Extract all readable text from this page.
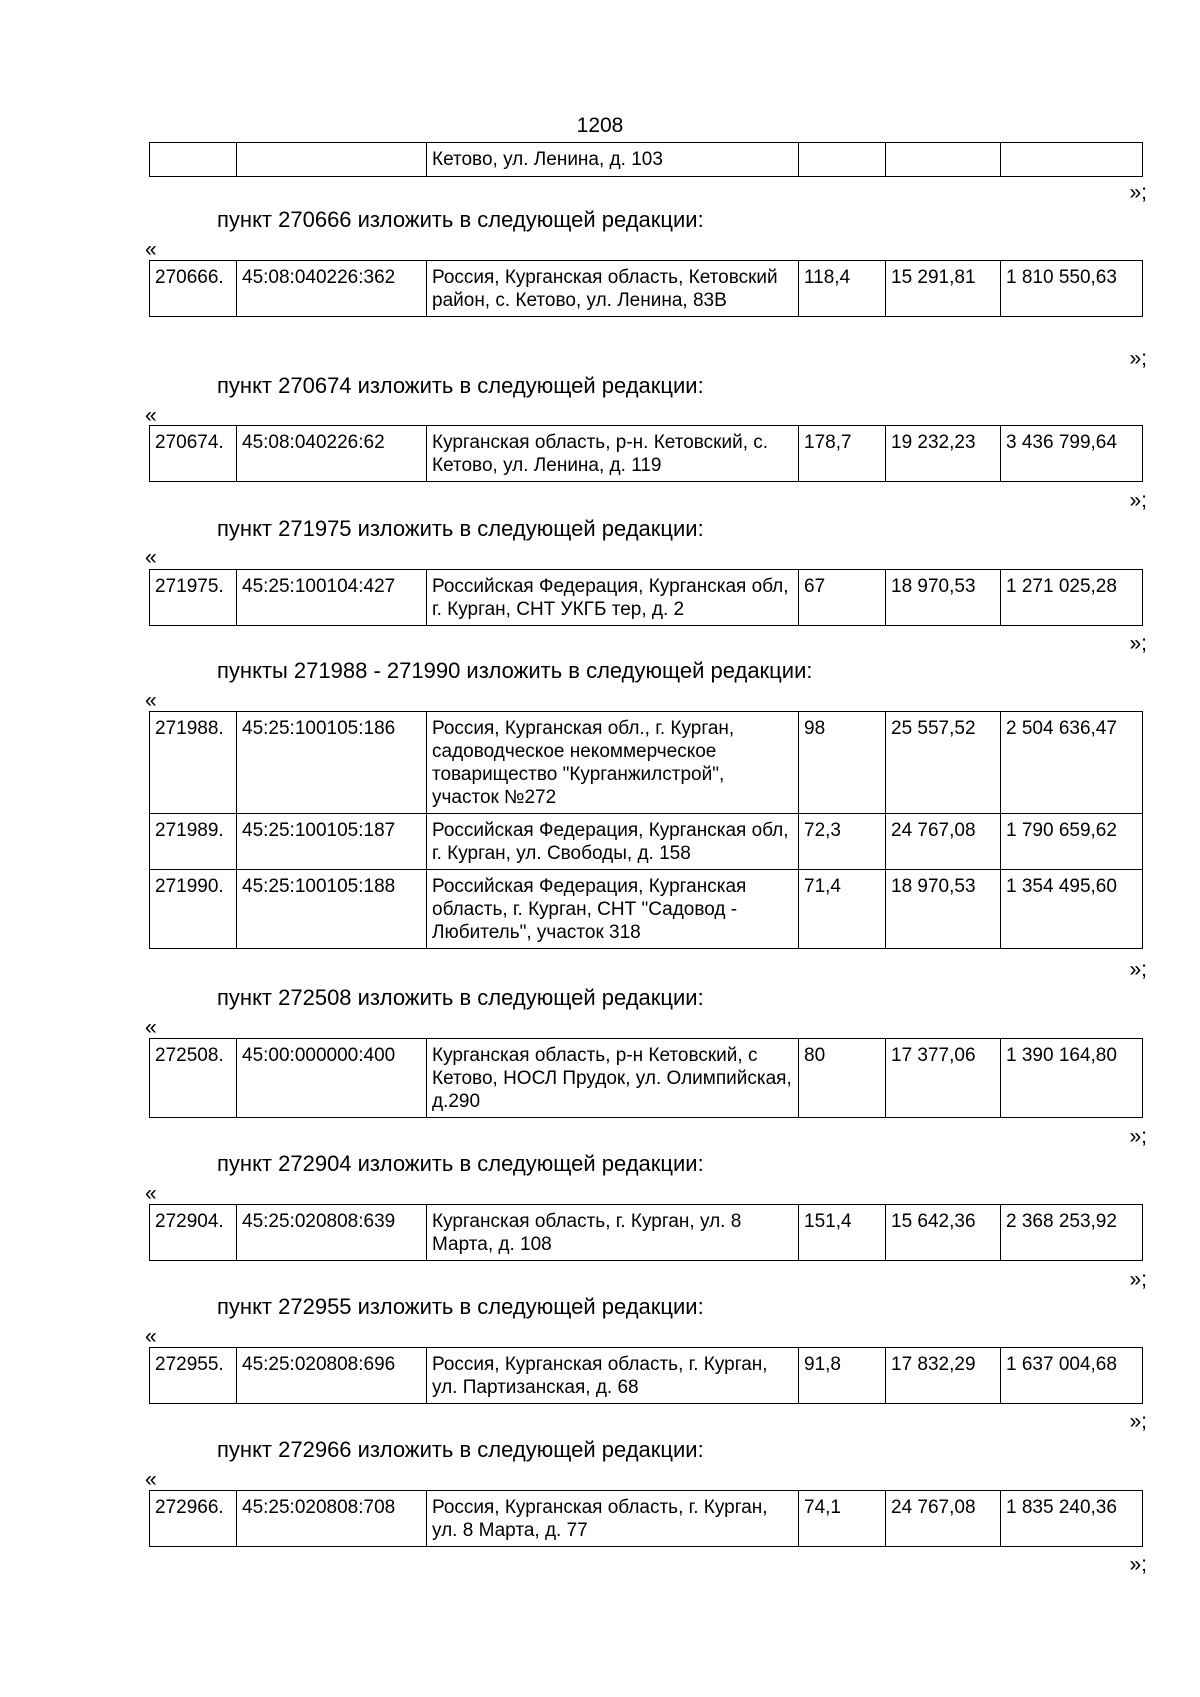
1208
		Кетово, ул. Ленина, д. 103			
»;
пункт 270666 изложить в следующей редакции:
«
270666.	45:08:040226:362	Россия, Курганская область, Кетовский район, с. Кетово, ул. Ленина, 83В	118,4	15 291,81	1 810 550,63
»;
пункт 270674 изложить в следующей редакции:
«
270674.	45:08:040226:62	Курганская область, р-н. Кетовский, с. Кетово, ул. Ленина, д. 119	178,7	19 232,23	3 436 799,64
»;
пункт 271975 изложить в следующей редакции:
«
271975.	45:25:100104:427	Российская Федерация, Курганская обл, г. Курган, СНТ УКГБ тер, д. 2	67	18 970,53	1 271 025,28
»;
пункты 271988 - 271990 изложить в следующей редакции:
«
271988.	45:25:100105:186	Россия, Курганская обл., г. Курган, садоводческое некоммерческое товарищество "Курганжилстрой", участок №272	98	25 557,52	2 504 636,47
271989.	45:25:100105:187	Российская Федерация, Курганская обл, г. Курган, ул. Свободы, д. 158	72,3	24 767,08	1 790 659,62
271990.	45:25:100105:188	Российская Федерация, Курганская область, г. Курган, СНТ "Садовод - Любитель", участок 318	71,4	18 970,53	1 354 495,60
»;
пункт 272508 изложить в следующей редакции:
«
272508.	45:00:000000:400	Курганская область, р-н Кетовский, с Кетово, НОСЛ Прудок, ул. Олимпийская, д.290	80	17 377,06	1 390 164,80
»;
пункт 272904 изложить в следующей редакции:
«
272904.	45:25:020808:639	Курганская область, г. Курган, ул. 8 Марта, д. 108	151,4	15 642,36	2 368 253,92
»;
пункт 272955 изложить в следующей редакции:
«
272955.	45:25:020808:696	Россия, Курганская область, г. Курган, ул. Партизанская, д. 68	91,8	17 832,29	1 637 004,68
»;
пункт 272966 изложить в следующей редакции:
«
272966.	45:25:020808:708	Россия, Курганская область, г. Курган, ул. 8 Марта, д. 77	74,1	24 767,08	1 835 240,36
»;
